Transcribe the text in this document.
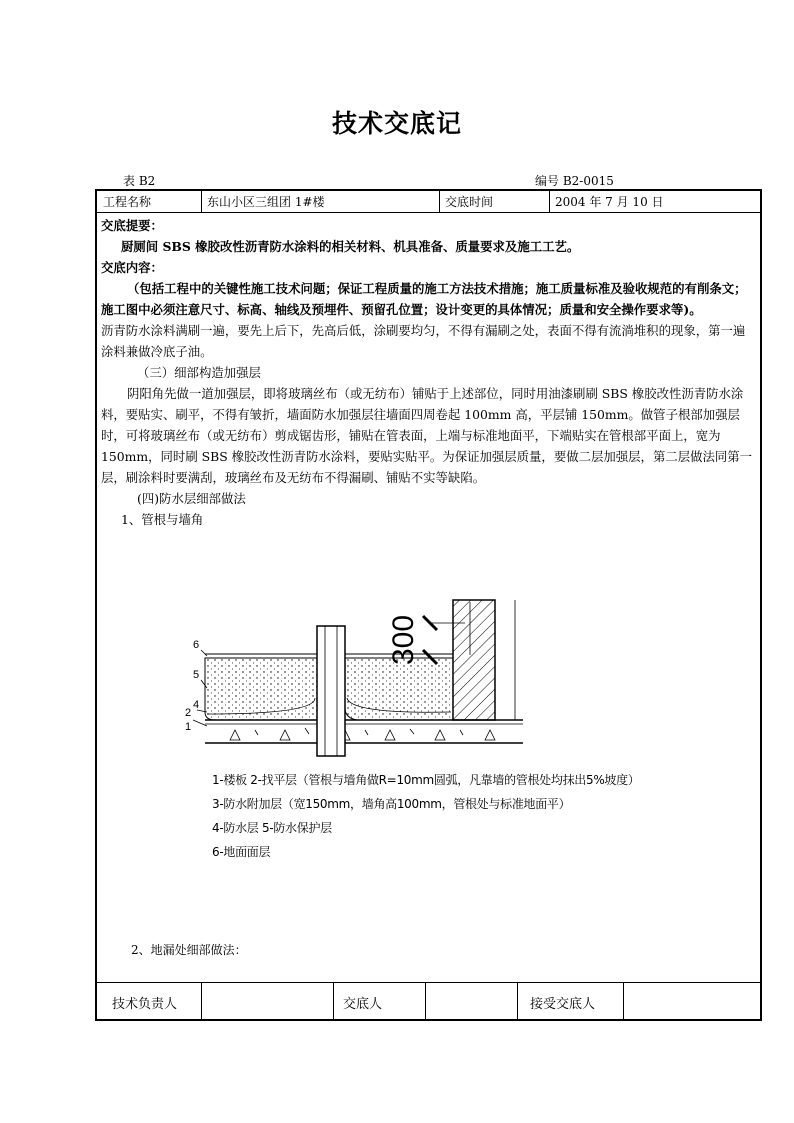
技术交底记
表 B2	编号 B2-0015
工程名称	东山小区三组团 1#楼	交底时间	2004 年 7 月 10 日

交底提要：

厨厕间 SBS 橡胶改性沥青防水涂料的相关材料、机具准备、质量要求及施工工艺。

交底内容：

（包括工程中的关键性施工技术问题；保证工程质量的施工方法技术措施；施工质量标准及验收规范的有削条文；施工图中必须注意尺寸、标高、轴线及预埋件、预留孔位置；设计变更的具体情况；质量和安全操作要求等)。

沥青防水涂料满刷一遍，要先上后下，先高后低，涂刷要均匀，不得有漏刷之处，表面不得有流淌堆积的现象，第一遍涂料兼做冷底子油。

（三）细部构造加强层

阴阳角先做一道加强层，即将玻璃丝布（或无纺布）铺贴于上述部位，同时用油漆刷刷 SBS 橡胶改性沥青防水涂料，要贴实、刷平，不得有皱折，墙面防水加强层往墙面四周卷起 100mm 高，平层铺 150mm。做管子根部加强层时，可将玻璃丝布（或无纺布）剪成锯齿形，铺贴在管表面，上端与标准地面平，下端贴实在管根部平面上，宽为 150mm，同时刷 SBS 橡胶改性沥青防水涂料，要贴实贴平。为保证加强层质量，要做二层加强层，第二层做法同第一层，刷涂料时要满刮，玻璃丝布及无纺布不得漏刷、铺贴不实等缺陷。

(四)防水层细部做法

1、管根与墙角

300
6
5
2
4
1
1-楼板 2-找平层（管根与墙角做R=10mm圆弧，凡靠墙的管根处均抹出5%坡度）
3-防水附加层（宽150mm，墙角高100mm，管根处与标准地面平）
4-防水层 5-防水保护层
6-地面面层
2、地漏处细部做法：
技术负责人	交底人	接受交底人
